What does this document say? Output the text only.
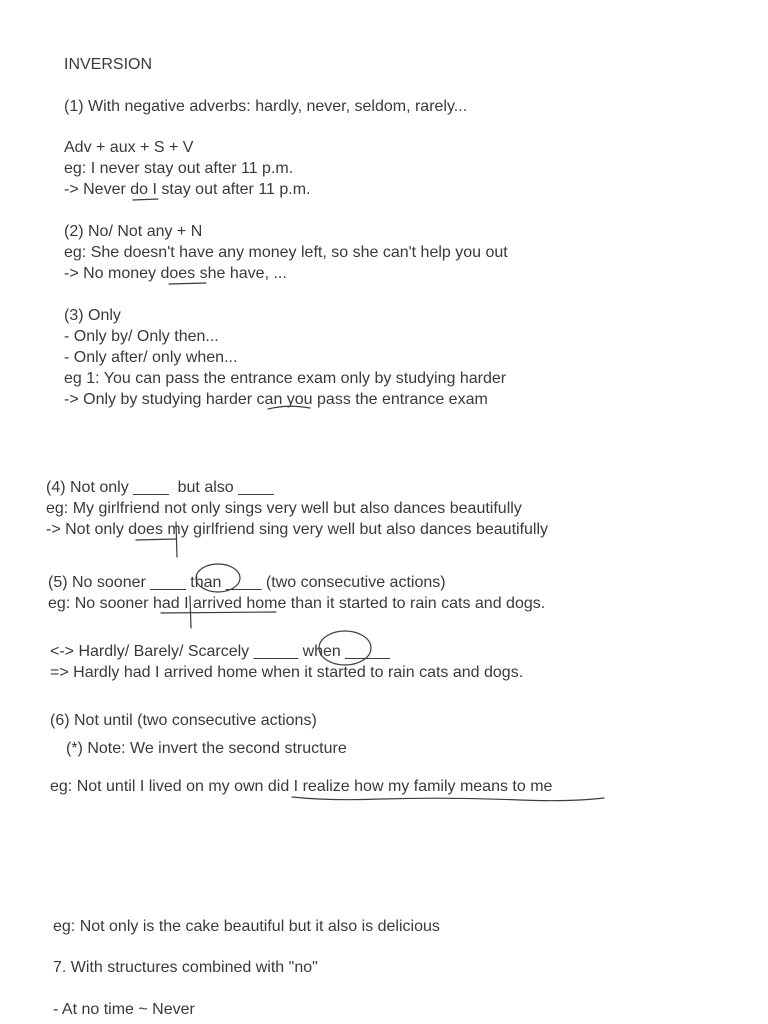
INVERSION
(1) With negative adverbs: hardly, never, seldom, rarely...
Adv + aux + S + V
eg: I never stay out after 11 p.m.
-> Never do I stay out after 11 p.m.
(2) No/ Not any + N
eg: She doesn't have any money left, so she can't help you out
-> No money does she have, ...
(3) Only
- Only by/ Only then...
- Only after/ only when...
eg 1: You can pass the entrance exam only by studying harder
-> Only by studying harder can you pass the entrance exam
(4) Not only ____  but also ____
eg: My girlfriend not only sings very well but also dances beautifully
-> Not only does my girlfriend sing very well but also dances beautifully
(5) No sooner ____ than ____ (two consecutive actions)
eg: No sooner had I arrived home than it started to rain cats and dogs.
<-> Hardly/ Barely/ Scarcely _____ when _____
=> Hardly had I arrived home when it started to rain cats and dogs.
(6) Not until (two consecutive actions)
(*) Note: We invert the second structure
eg: Not until I lived on my own did I realize how my family means to me
eg: Not only is the cake beautiful but it also is delicious
7. With structures combined with "no"
- At no time ~ Never
